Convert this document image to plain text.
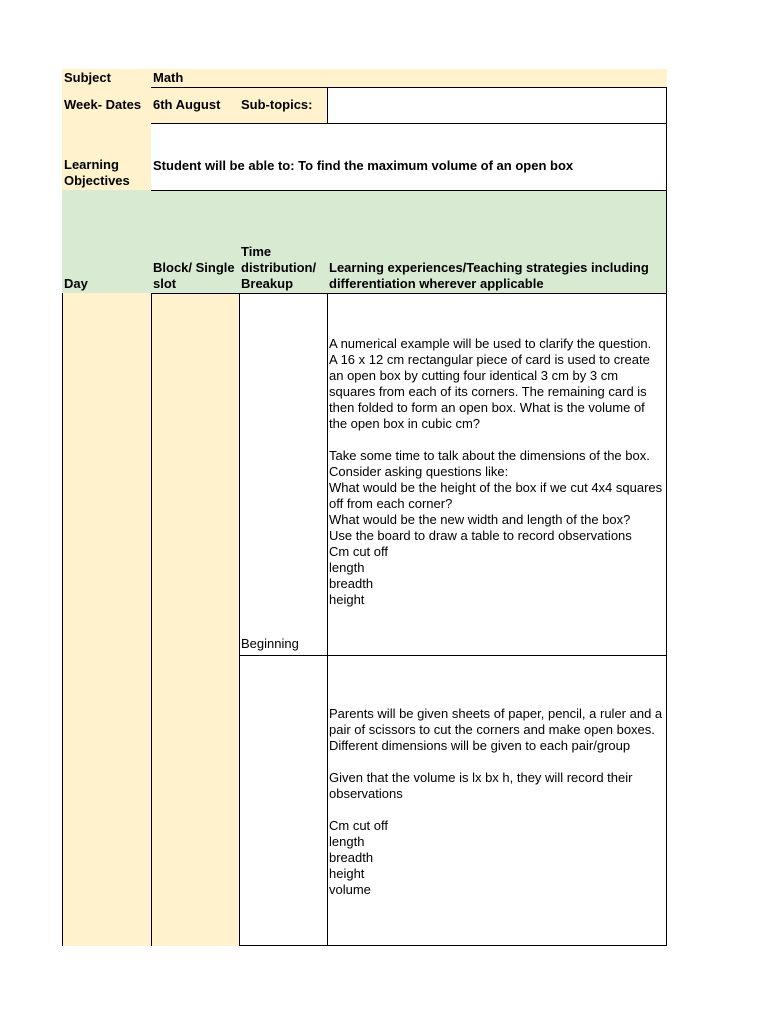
Subject	Math
Week- Dates 6th August	Sub-topics:
Learning Objectives
Student will be able to: To find the maximum volume of an open box
Day
Block/ Single slot
Time distribution/ Breakup
Learning experiences/Teaching strategies including differentiation wherever applicable
Beginning
A numerical example will be used to clarify the question.
A 16 x 12 cm rectangular piece of card is used to create an open box by cutting four identical 3 cm by 3 cm squares from each of its corners. The remaining card is then folded to form an open box. What is the volume of the open box in cubic cm?

Take some time to talk about the dimensions of the box. Consider asking questions like:
What would be the height of the box if we cut 4x4 squares off from each corner?
What would be the new width and length of the box?
Use the board to draw a table to record observations
Cm cut off
length
breadth
height
Parents will be given sheets of paper, pencil, a ruler and a pair of scissors to cut the corners and make open boxes.
Different dimensions will be given to each pair/group

Given that the volume is lx bx h, they will record their observations

Cm cut off
length
breadth
height
volume
